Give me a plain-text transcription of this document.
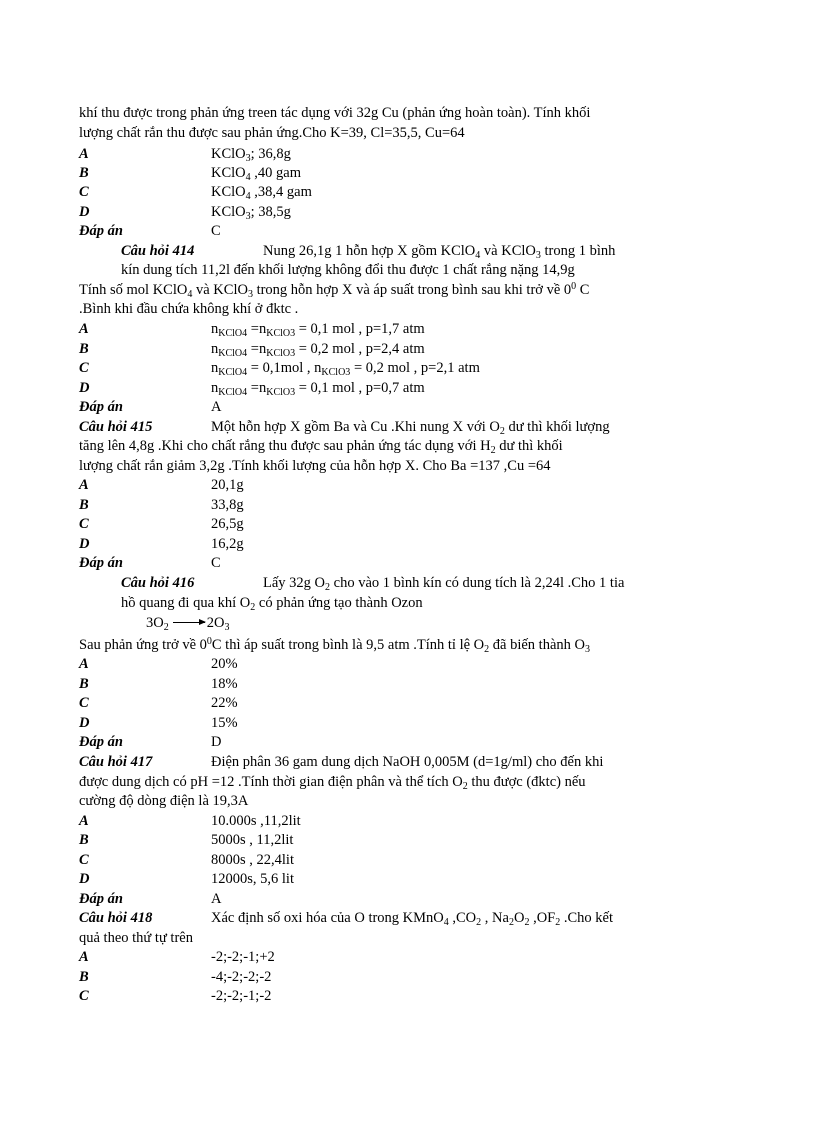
khí thu được trong phản ứng treen tác dụng với 32g Cu (phản ứng hoàn toàn). Tính khối
lượng chất rắn thu được sau phản ứng.Cho K=39, Cl=35,5, Cu=64
A	KClO$_3$; 36,8g
B	KClO$_4$ ,40 gam
C	KClO$_4$ ,38,4 gam
D	KClO$_3$; 38,5g
Đáp án	C
Câu hỏi 414	Nung 26,1g 1 hỗn hợp X gồm KClO$_4$ và KClO$_3$ trong 1 bình
kín dung tích 11,2l đến khối lượng không đổi thu được 1 chất rắng nặng 14,9g
Tính số mol KClO$_4$ và KClO$_3$ trong hỗn hợp X và áp suất trong bình sau khi trở về $0^0$ C
.Bình khi đầu chứa không khí ở đktc .
A	$n_{KClO4} =n_{KClO3} = 0,1$ mol , p=1,7 atm
B	$n_{KClO4} =n_{KClO3} = 0,2$ mol , p=2,4 atm
C	$n_{KClO4} = 0,1mol$ , $n_{KClO3} = 0,2$ mol , p=2,1 atm
D	$n_{KClO4} =n_{KClO3} = 0,1$ mol , p=0,7 atm
Đáp án	A
Câu hỏi 415	Một hỗn hợp X gồm Ba và Cu .Khi nung X với $O_2$ dư thì khối lượng
tăng lên 4,8g .Khi cho chất rắng thu được sau phản ứng tác dụng với $H_2$ dư thì khối
lượng chất rắn giảm 3,2g .Tính khối lượng của hỗn hợp X. Cho Ba =137 ,Cu =64
A	20,1g
B	33,8g
C	26,5g
D	16,2g
Đáp án	C
Câu hỏi 416	Lấy 32g $O_2$ cho vào 1 bình kín có dung tích là 2,24l .Cho 1 tia
hồ quang đi qua khí $O_2$ có phản ứng tạo thành Ozon
$3O_2 \to 2O_3$
Sau phản ứng trở về $0^0C$ thì áp suất trong bình là 9,5 atm .Tính tỉ lệ $O_2$ đã biến thành $O_3$
A	20%
B	18%
C	22%
D	15%
Đáp án	D
Câu hỏi 417	Điện phân 36 gam dung dịch NaOH 0,005M (d=1g/ml) cho đến khi
được dung dịch có pH =12 .Tính thời gian điện phân và thể tích $O_2$ thu được (đktc) nếu
cường độ dòng điện là 19,3A
A	10.000s ,11,2lit
B	5000s , 11,2lit
C	8000s , 22,4lit
D	12000s, 5,6 lit
Đáp án	A
Câu hỏi 418	Xác định số oxi hóa của O trong KMnO$_4$ $,CO_2$ , $Na_2O_2$ $,OF_2$ .Cho kết
quả theo thứ tự trên
A	-2;-2;-1;+2
B	-4;-2;-2;-2
C	-2;-2;-1;-2
